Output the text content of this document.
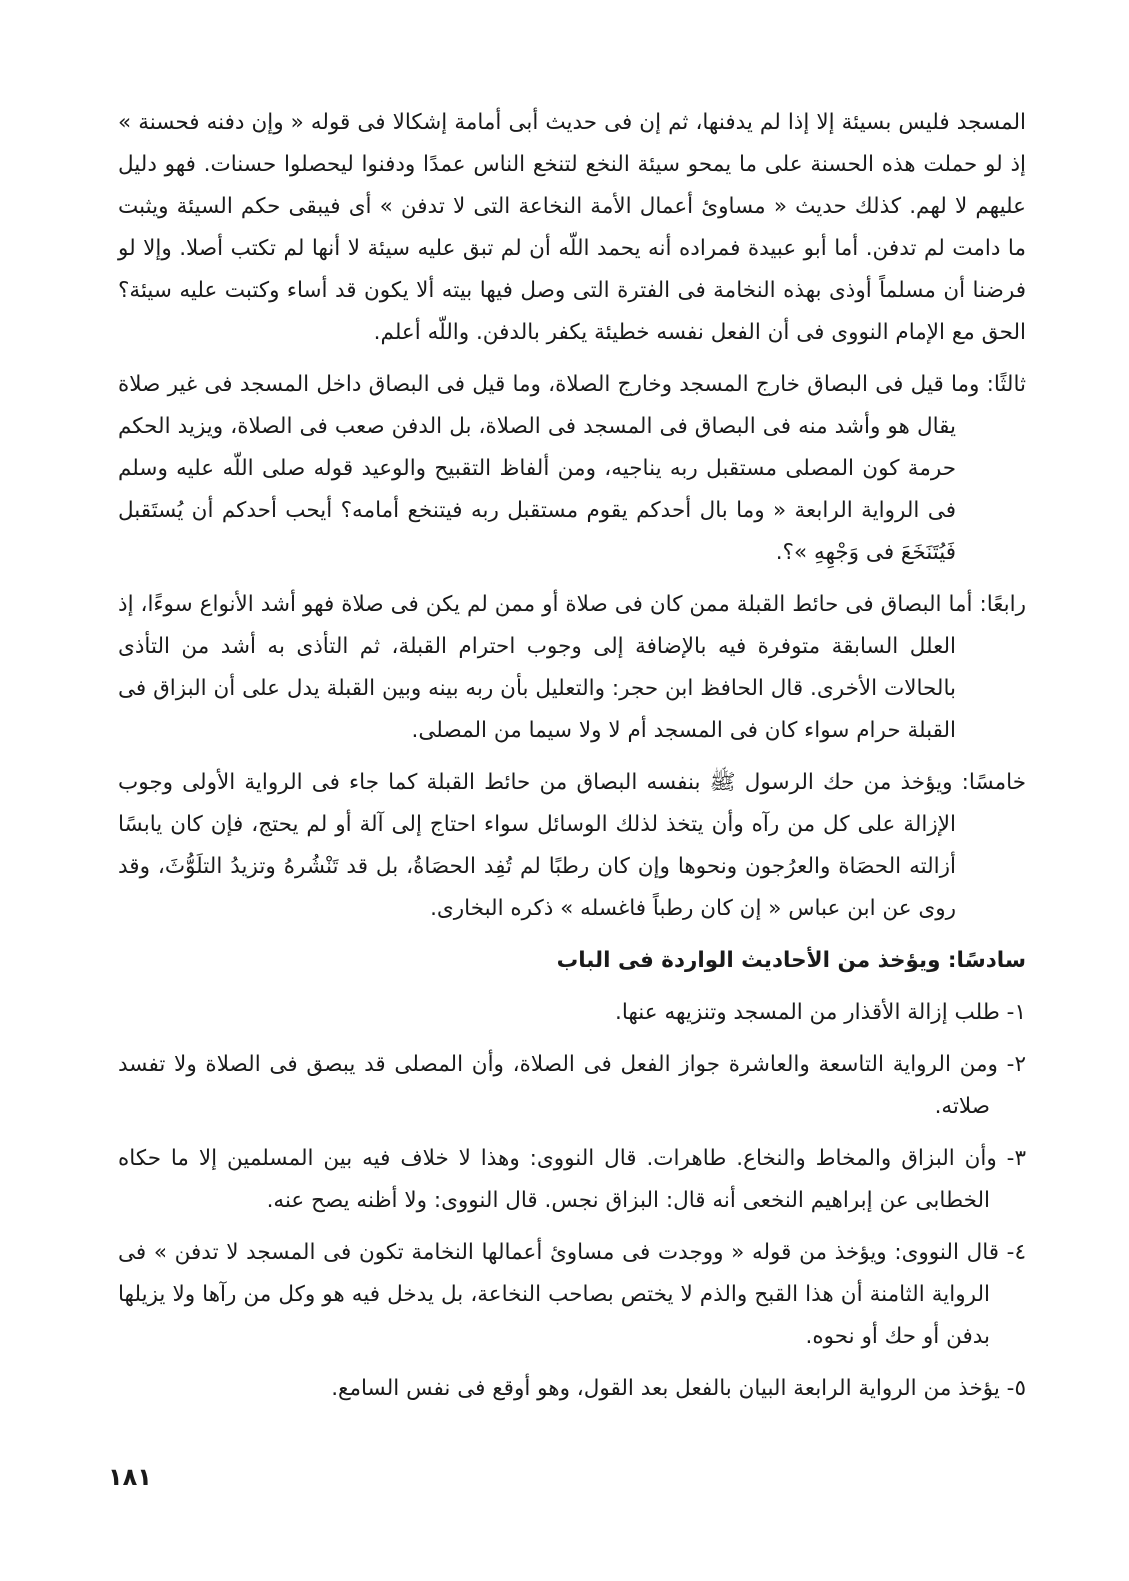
المسجد فليس بسيئة إلا إذا لم يدفنها، ثم إن فى حديث أبى أمامة إشكالا فى قوله « وإن دفنه فحسنة » إذ لو حملت هذه الحسنة على ما يمحو سيئة النخع لتنخع الناس عمدًا ودفنوا ليحصلوا حسنات. فهو دليل عليهم لا لهم. كذلك حديث « مساوئ أعمال الأمة النخاعة التى لا تدفن » أى فيبقى حكم السيئة ويثبت ما دامت لم تدفن. أما أبو عبيدة فمراده أنه يحمد اللّه أن لم تبق عليه سيئة لا أنها لم تكتب أصلا. وإلا لو فرضنا أن مسلماً أوذى بهذه النخامة فى الفترة التى وصل فيها بيته ألا يكون قد أساء وكتبت عليه سيئة؟ الحق مع الإمام النووى فى أن الفعل نفسه خطيئة يكفر بالدفن. واللّه أعلم.

ثالثًا: وما قيل فى البصاق خارج المسجد وخارج الصلاة، وما قيل فى البصاق داخل المسجد فى غير صلاة يقال هو وأشد منه فى البصاق فى المسجد فى الصلاة، بل الدفن صعب فى الصلاة، ويزيد الحكم حرمة كون المصلى مستقبل ربه يناجيه، ومن ألفاظ التقبيح والوعيد قوله صلى اللّه عليه وسلم فى الرواية الرابعة « وما بال أحدكم يقوم مستقبل ربه فيتنخع أمامه؟ أيحب أحدكم أن يُستَقبل فَيُتَنَخَعَ فى وَجْهِهِ »؟.

رابعًا: أما البصاق فى حائط القبلة ممن كان فى صلاة أو ممن لم يكن فى صلاة فهو أشد الأنواع سوءًا، إذ العلل السابقة متوفرة فيه بالإضافة إلى وجوب احترام القبلة، ثم التأذى به أشد من التأذى بالحالات الأخرى. قال الحافظ ابن حجر: والتعليل بأن ربه بينه وبين القبلة يدل على أن البزاق فى القبلة حرام سواء كان فى المسجد أم لا ولا سيما من المصلى.

خامسًا: ويؤخذ من حك الرسول ﷺ بنفسه البصاق من حائط القبلة كما جاء فى الرواية الأولى وجوب الإزالة على كل من رآه وأن يتخذ لذلك الوسائل سواء احتاج إلى آلة أو لم يحتج، فإن كان يابسًا أزالته الحصَاة والعرُجون ونحوها وإن كان رطبًا لم تُفِد الحصَاةُ، بل قد تَنْشُرهُ وتزيدُ التلَوُّثَ، وقد روى عن ابن عباس « إن كان رطباً فاغسله » ذكره البخارى.

سادسًا: ويؤخذ من الأحاديث الواردة فى الباب

١- طلب إزالة الأقذار من المسجد وتنزيهه عنها.

٢- ومن الرواية التاسعة والعاشرة جواز الفعل فى الصلاة، وأن المصلى قد يبصق فى الصلاة ولا تفسد صلاته.

٣- وأن البزاق والمخاط والنخاع. طاهرات. قال النووى: وهذا لا خلاف فيه بين المسلمين إلا ما حكاه الخطابى عن إبراهيم النخعى أنه قال: البزاق نجس. قال النووى: ولا أظنه يصح عنه.

٤- قال النووى: ويؤخذ من قوله « ووجدت فى مساوئ أعمالها النخامة تكون فى المسجد لا تدفن » فى الرواية الثامنة أن هذا القبح والذم لا يختص بصاحب النخاعة، بل يدخل فيه هو وكل من رآها ولا يزيلها بدفن أو حك أو نحوه.

٥- يؤخذ من الرواية الرابعة البيان بالفعل بعد القول، وهو أوقع فى نفس السامع.

١٨١
